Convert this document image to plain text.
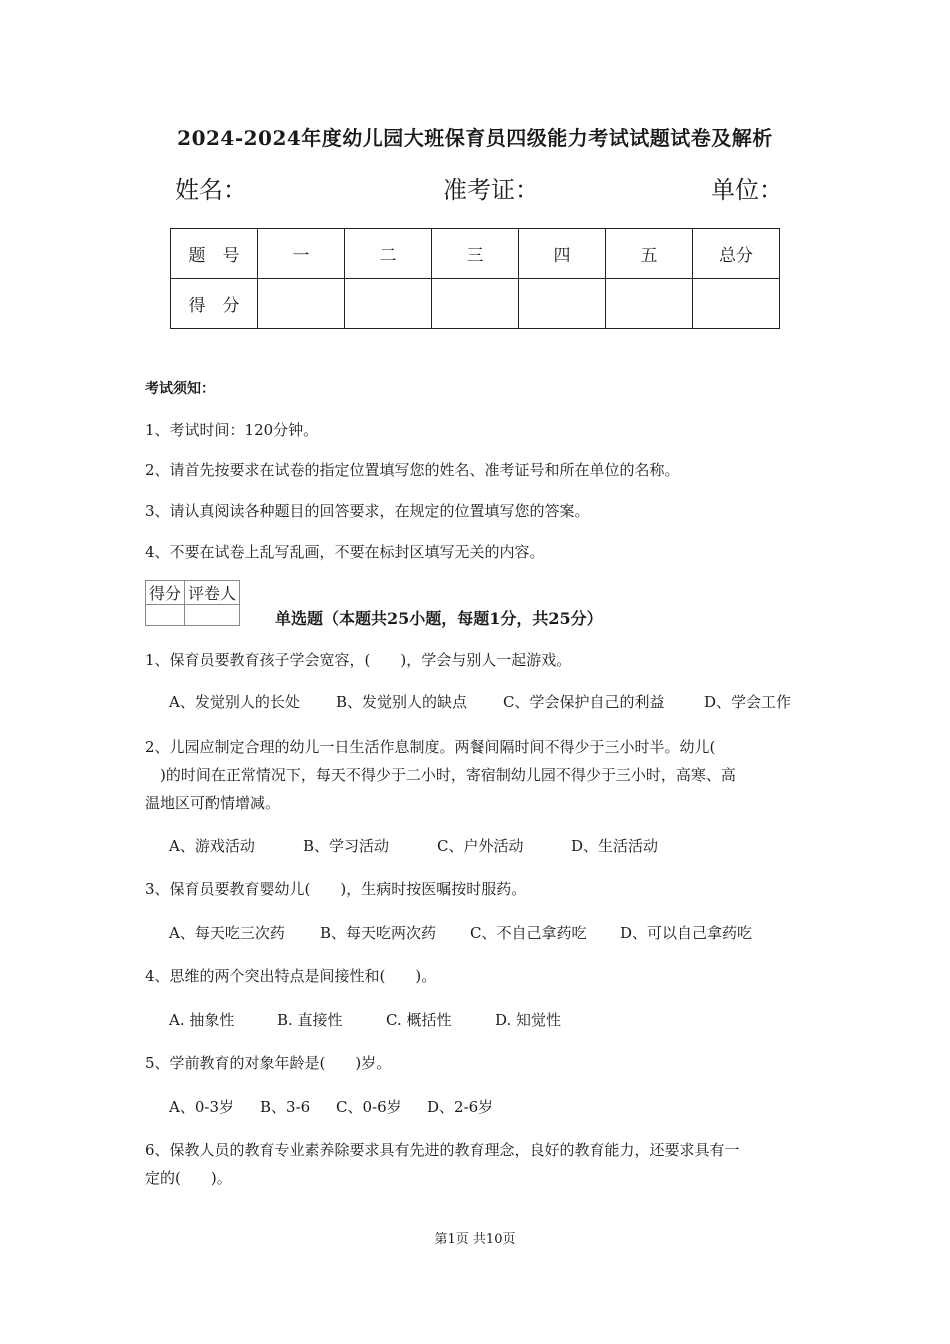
2024-2024年度幼儿园大班保育员四级能力考试试题试卷及解析
姓名：	准考证：	单位：
题　号	一	二	三	四	五	总分
得　分						
考试须知：
1、考试时间：120分钟。
2、请首先按要求在试卷的指定位置填写您的姓名、准考证号和所在单位的名称。
3、请认真阅读各种题目的回答要求，在规定的位置填写您的答案。
4、不要在试卷上乱写乱画，不要在标封区填写无关的内容。
得分	评卷人

单选题（本题共25小题，每题1分，共25分）
1、保育员要教育孩子学会宽容，(　　)，学会与别人一起游戏。
A、发觉别人的长处 B、发觉别人的缺点 C、学会保护自己的利益	D、学会工作
2、儿园应制定合理的幼儿一日生活作息制度。两餐间隔时间不得少于三小时半。幼儿(
　)的时间在正常情况下，每天不得少于二小时，寄宿制幼儿园不得少于三小时，高寒、高
温地区可酌情增减。
A、游戏活动	B、学习活动	C、户外活动	D、生活活动
3、保育员要教育婴幼儿(　　)，生病时按医嘱按时服药。
A、每天吃三次药 B、每天吃两次药 C、不自己拿药吃 D、可以自己拿药吃
4、思维的两个突出特点是间接性和(　　)。
A. 抽象性	B. 直接性	C. 概括性	D. 知觉性
5、学前教育的对象年龄是(　　)岁。
A、0-3岁 B、3-6 C、0-6岁 D、2-6岁
6、保教人员的教育专业素养除要求具有先进的教育理念，良好的教育能力，还要求具有一
定的(　　)。
第1页 共10页
